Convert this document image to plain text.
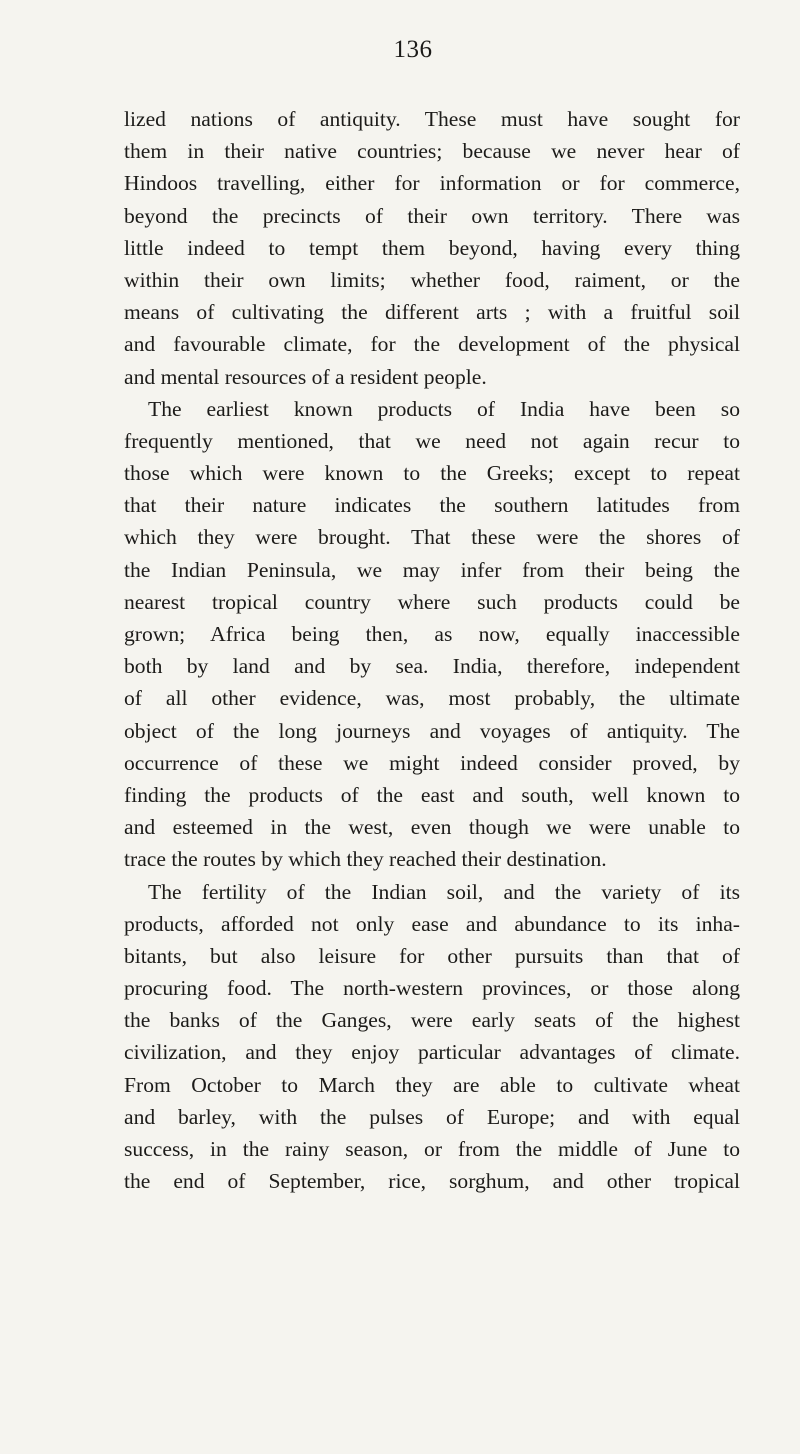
136
lized nations of antiquity. These must have sought for
them in their native countries; because we never hear of
Hindoos travelling, either for information or for commerce,
beyond the precincts of their own territory. There was
little indeed to tempt them beyond, having every thing
within their own limits; whether food, raiment, or the
means of cultivating the different arts ; with a fruitful soil
and favourable climate, for the development of the physical
and mental resources of a resident people.
The earliest known products of India have been so
frequently mentioned, that we need not again recur to
those which were known to the Greeks; except to repeat
that their nature indicates the southern latitudes from
which they were brought. That these were the shores of
the Indian Peninsula, we may infer from their being the
nearest tropical country where such products could be
grown; Africa being then, as now, equally inaccessible
both by land and by sea. India, therefore, independent
of all other evidence, was, most probably, the ultimate
object of the long journeys and voyages of antiquity. The
occurrence of these we might indeed consider proved, by
finding the products of the east and south, well known to
and esteemed in the west, even though we were unable to
trace the routes by which they reached their destination.
The fertility of the Indian soil, and the variety of its
products, afforded not only ease and abundance to its inha-
bitants, but also leisure for other pursuits than that of
procuring food. The north-western provinces, or those along
the banks of the Ganges, were early seats of the highest
civilization, and they enjoy particular advantages of climate.
From October to March they are able to cultivate wheat
and barley, with the pulses of Europe; and with equal
success, in the rainy season, or from the middle of June to
the end of September, rice, sorghum, and other tropical
